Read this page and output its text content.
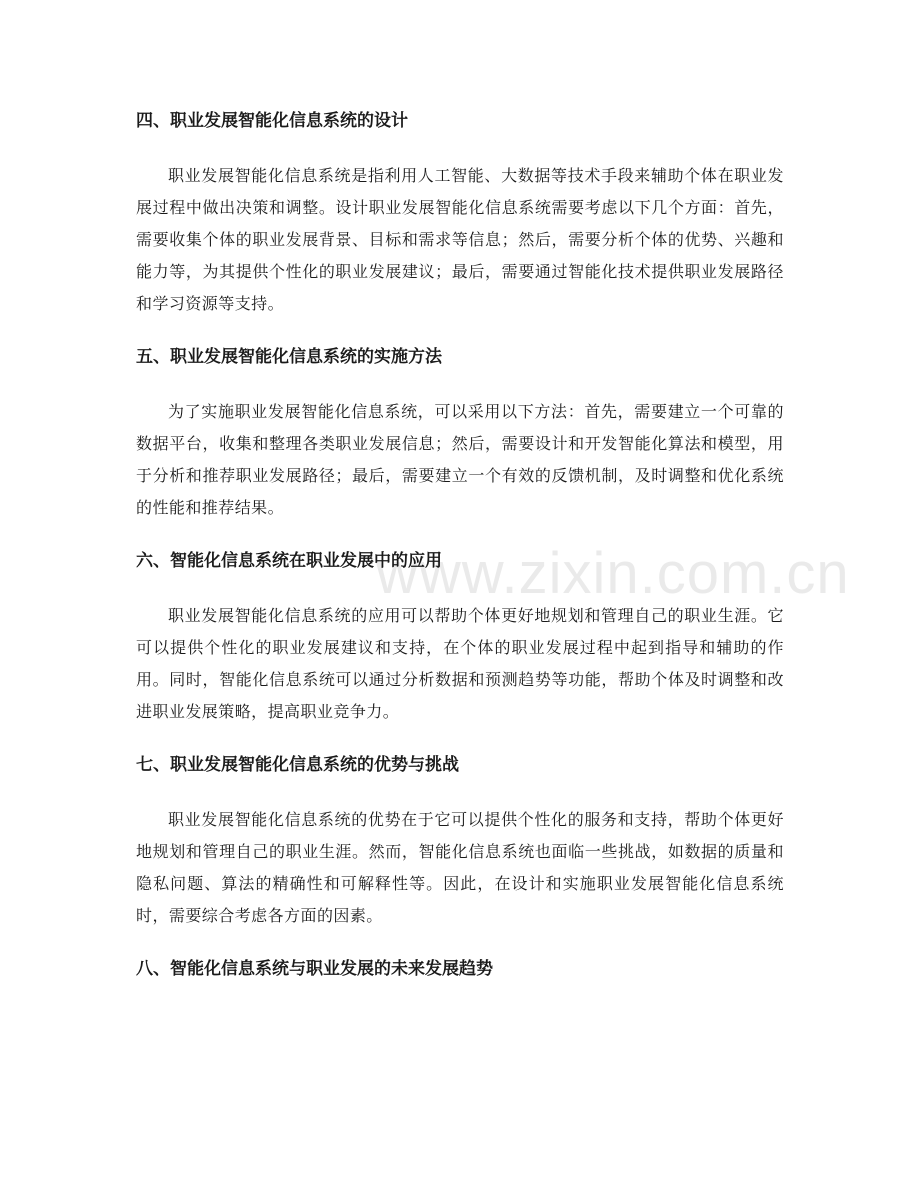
www.zixin.com.cn
四、职业发展智能化信息系统的设计

职业发展智能化信息系统是指利用人工智能、大数据等技术手段来辅助个体在职业发展过程中做出决策和调整。设计职业发展智能化信息系统需要考虑以下几个方面：首先，需要收集个体的职业发展背景、目标和需求等信息；然后，需要分析个体的优势、兴趣和能力等，为其提供个性化的职业发展建议；最后，需要通过智能化技术提供职业发展路径和学习资源等支持。

五、职业发展智能化信息系统的实施方法

为了实施职业发展智能化信息系统，可以采用以下方法：首先，需要建立一个可靠的数据平台，收集和整理各类职业发展信息；然后，需要设计和开发智能化算法和模型，用于分析和推荐职业发展路径；最后，需要建立一个有效的反馈机制，及时调整和优化系统的性能和推荐结果。

六、智能化信息系统在职业发展中的应用

职业发展智能化信息系统的应用可以帮助个体更好地规划和管理自己的职业生涯。它可以提供个性化的职业发展建议和支持，在个体的职业发展过程中起到指导和辅助的作用。同时，智能化信息系统可以通过分析数据和预测趋势等功能，帮助个体及时调整和改进职业发展策略，提高职业竞争力。

七、职业发展智能化信息系统的优势与挑战

职业发展智能化信息系统的优势在于它可以提供个性化的服务和支持，帮助个体更好地规划和管理自己的职业生涯。然而，智能化信息系统也面临一些挑战，如数据的质量和隐私问题、算法的精确性和可解释性等。因此，在设计和实施职业发展智能化信息系统时，需要综合考虑各方面的因素。

八、智能化信息系统与职业发展的未来发展趋势
